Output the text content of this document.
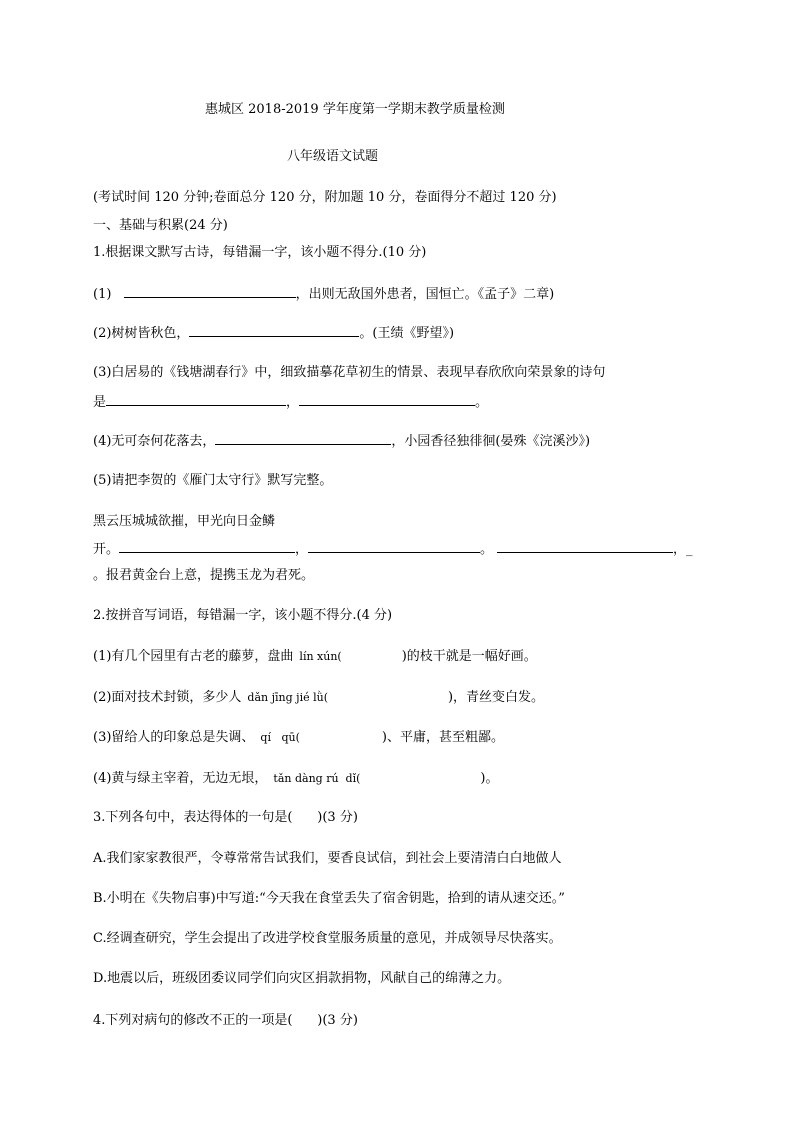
惠城区 2018-2019 学年度第一学期末教学质量检测
八年级语文试题
(考试时间 120 分钟;卷面总分 120 分，附加题 10 分，卷面得分不超过 120 分)
一、基础与积累(24 分)
1.根据课文默写古诗，每错漏一字，该小题不得分.(10 分)
(1)	，出则无敌国外患者，国恒亡。《孟子》二章)
(2)树树皆秋色，	。(王绩《野望》)
(3)白居易的《钱塘湖春行》中，细致描摹花草初生的情景、表现早春欣欣向荣景象的诗句
是	，	。
(4)无可奈何花落去，	，小园香径独徘徊(晏殊《浣溪沙》)
(5)请把李贺的《雁门太守行》默写完整。
黑云压城城欲摧，甲光向日金鳞
开。	，	。	，_
。报君黄金台上意，提携玉龙为君死。
2.按拼音写词语，每错漏一字，该小题不得分.(4 分)
(1)有几个园里有古老的藤萝，盘曲 lín xún(	)的枝干就是一幅好画。
(2)面对技术封锁，多少人 dǎn jīng jié lǜ(	)，青丝变白发。
(3)留给人的印象总是失调、 qí   qū(	)、平庸，甚至粗鄙。
(4)黄与绿主宰着，无边无垠， tǎn dàng rú  dǐ(	)。
3.下列各句中，表达得体的一句是(      )(3 分)
A.我们家家教很严，令尊常常告试我们，要香良试信，到社会上要清清白白地做人
B.小明在《失物启事)中写道:“今天我在食堂丢失了宿舍钥匙，拾到的请从速交还。”
C.经调查研究，学生会提出了改进学校食堂服务质量的意见，并成领导尽快落实。
D.地震以后，班级团委议同学们向灾区捐款捐物，风献自己的绵薄之力。
4.下列对病句的修改不正的一项是(      )(3 分)
